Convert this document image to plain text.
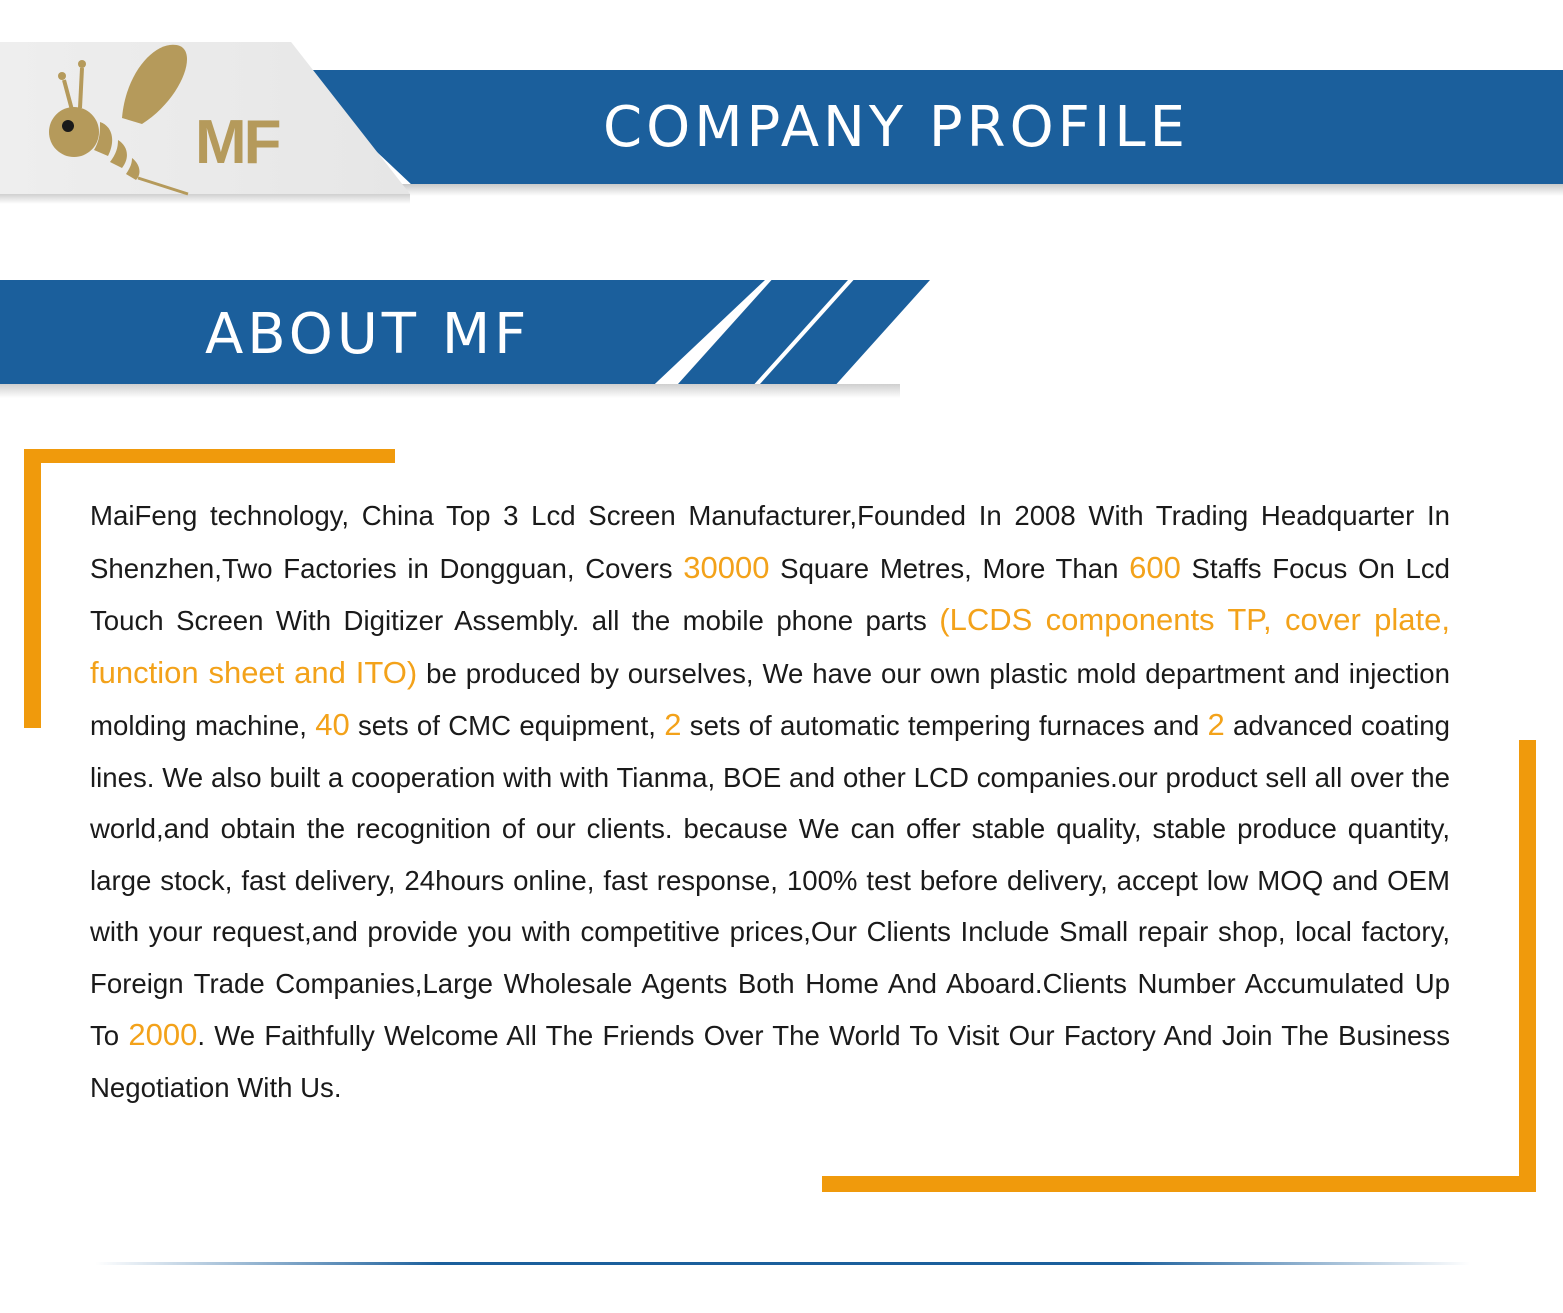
COMPANY PROFILE
MF
ABOUT MF

MaiFeng technology, China Top 3 Lcd Screen Manufacturer,Founded In 2008 With Trading Headquarter In Shenzhen,Two Factories in Dongguan, Covers 30000 Square Metres, More Than 600 Staffs Focus On Lcd Touch Screen With Digitizer Assembly. all the mobile phone parts (LCDS components TP, cover plate, function sheet and ITO) be produced by ourselves, We have our own plastic mold department and injection molding machine, 40 sets of CMC equipment, 2 sets of automatic tempering furnaces and 2 advanced coating lines. We also built a cooperation with with Tianma, BOE and other LCD companies.our product sell all over the world,and obtain the recognition of our clients. because We can offer stable quality, stable produce quantity, large stock, fast delivery, 24hours online, fast response, 100% test before delivery, accept low MOQ and OEM with your request,and provide you with competitive prices,Our Clients Include Small repair shop, local factory, Foreign Trade Companies,Large Wholesale Agents Both Home And Aboard.Clients Number Accumulated Up To 2000. We Faithfully Welcome All The Friends Over The World To Visit Our Factory And Join The Business Negotiation With Us.
